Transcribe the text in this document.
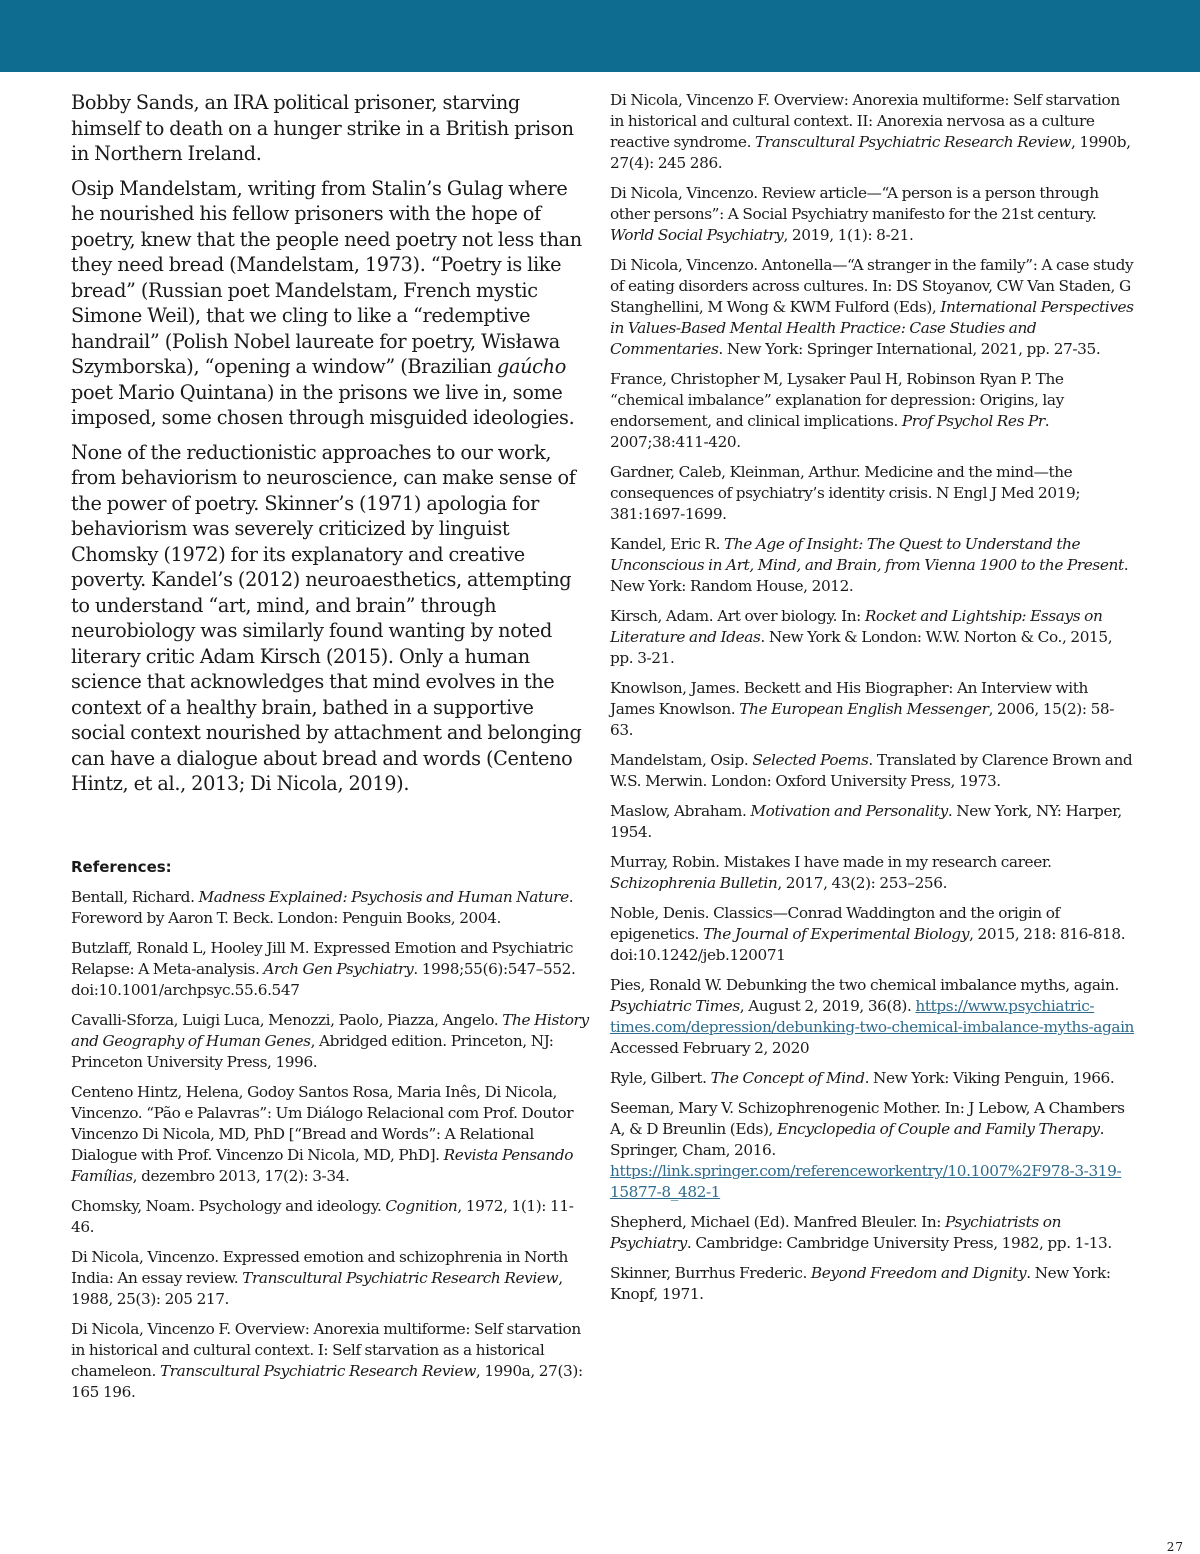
Bobby Sands, an IRA political prisoner, starving himself to death on a hunger strike in a British prison in Northern Ireland.

Osip Mandelstam, writing from Stalin’s Gulag where he nourished his fellow prisoners with the hope of poetry, knew that the people need poetry not less than they need bread (Mandelstam, 1973). “Poetry is like bread” (Russian poet Mandelstam, French mystic Simone Weil), that we cling to like a “redemptive handrail” (Polish Nobel laureate for poetry, Wisława Szymborska), “opening a window” (Brazilian gaúcho poet Mario Quintana) in the prisons we live in, some imposed, some chosen through misguided ideologies.

None of the reductionistic approaches to our work, from behaviorism to neuroscience, can make sense of the power of poetry. Skinner’s (1971) apologia for behaviorism was severely criticized by linguist Chomsky (1972) for its explanatory and creative poverty. Kandel’s (2012) neuroaesthetics, attempting to understand “art, mind, and brain” through neurobiology was similarly found wanting by noted literary critic Adam Kirsch (2015). Only a human science that acknowledges that mind evolves in the context of a healthy brain, bathed in a supportive social context nourished by attachment and belonging can have a dialogue about bread and words (Centeno Hintz, et al., 2013; Di Nicola, 2019).

References:

Bentall, Richard. Madness Explained: Psychosis and Human Nature. Foreword by Aaron T. Beck. London: Penguin Books, 2004.

Butzlaff, Ronald L, Hooley Jill M. Expressed Emotion and Psychiatric Relapse: A Meta-analysis. Arch Gen Psychiatry. 1998;55(6):547–552. doi:10.1001/archpsyc.55.6.547

Cavalli-Sforza, Luigi Luca, Menozzi, Paolo, Piazza, Angelo. The History and Geography of Human Genes, Abridged edition. Princeton, NJ: Princeton University Press, 1996.

Centeno Hintz, Helena, Godoy Santos Rosa, Maria Inês, Di Nicola, Vincenzo. “Pão e Palavras”: Um Diálogo Relacional com Prof. Doutor Vincenzo Di Nicola, MD, PhD [“Bread and Words”: A Relational Dialogue with Prof. Vincenzo Di Nicola, MD, PhD]. Revista Pensando Famílias, dezembro 2013, 17(2): 3-34.

Chomsky, Noam. Psychology and ideology. Cognition, 1972, 1(1): 11-46.

Di Nicola, Vincenzo. Expressed emotion and schizophrenia in North India: An essay review. Transcultural Psychiatric Research Review, 1988, 25(3): 205 217.

Di Nicola, Vincenzo F. Overview: Anorexia multiforme: Self starvation in historical and cultural context. I: Self starvation as a historical chameleon. Transcultural Psychiatric Research Review, 1990a, 27(3): 165 196.

Di Nicola, Vincenzo F. Overview: Anorexia multiforme: Self starvation in historical and cultural context. II: Anorexia nervosa as a culture reactive syndrome. Transcultural Psychiatric Research Review, 1990b, 27(4): 245 286.

Di Nicola, Vincenzo. Review article—“A person is a person through other persons”: A Social Psychiatry manifesto for the 21st century. World Social Psychiatry, 2019, 1(1): 8-21.

Di Nicola, Vincenzo. Antonella—“A stranger in the family”: A case study of eating disorders across cultures. In: DS Stoyanov, CW Van Staden, G Stanghellini, M Wong & KWM Fulford (Eds), International Perspectives in Values-Based Mental Health Practice: Case Studies and Commentaries. New York: Springer International, 2021, pp. 27-35.

France, Christopher M, Lysaker Paul H, Robinson Ryan P. The “chemical imbalance” explanation for depression: Origins, lay endorsement, and clinical implications. Prof Psychol Res Pr. 2007;38:411-420.

Gardner, Caleb, Kleinman, Arthur. Medicine and the mind—the consequences of psychiatry’s identity crisis. N Engl J Med 2019; 381:1697-1699.

Kandel, Eric R. The Age of Insight: The Quest to Understand the Unconscious in Art, Mind, and Brain, from Vienna 1900 to the Present. New York: Random House, 2012.

Kirsch, Adam. Art over biology. In: Rocket and Lightship: Essays on Literature and Ideas. New York & London: W.W. Norton & Co., 2015, pp. 3-21.

Knowlson, James. Beckett and His Biographer: An Interview with James Knowlson. The European English Messenger, 2006, 15(2): 58-63.

Mandelstam, Osip. Selected Poems. Translated by Clarence Brown and W.S. Merwin. London: Oxford University Press, 1973.

Maslow, Abraham. Motivation and Personality. New York, NY: Harper, 1954.

Murray, Robin. Mistakes I have made in my research career. Schizophrenia Bulletin, 2017, 43(2): 253–256.

Noble, Denis. Classics—Conrad Waddington and the origin of epigenetics. The Journal of Experimental Biology, 2015, 218: 816-818. doi:10.1242/jeb.120071

Pies, Ronald W. Debunking the two chemical imbalance myths, again. Psychiatric Times, August 2, 2019, 36(8). https://www.psychiatric-times.com/depression/debunking-two-chemical-imbalance-myths-again Accessed February 2, 2020

Ryle, Gilbert. The Concept of Mind. New York: Viking Penguin, 1966.

Seeman, Mary V. Schizophrenogenic Mother. In: J Lebow, A Chambers A, & D Breunlin (Eds), Encyclopedia of Couple and Family Therapy. Springer, Cham, 2016. https://link.springer.com/referenceworkentry/10.1007%2F978-3-319-15877-8_482-1

Shepherd, Michael (Ed). Manfred Bleuler. In: Psychiatrists on Psychiatry. Cambridge: Cambridge University Press, 1982, pp. 1-13.

Skinner, Burrhus Frederic. Beyond Freedom and Dignity. New York: Knopf, 1971.

27
